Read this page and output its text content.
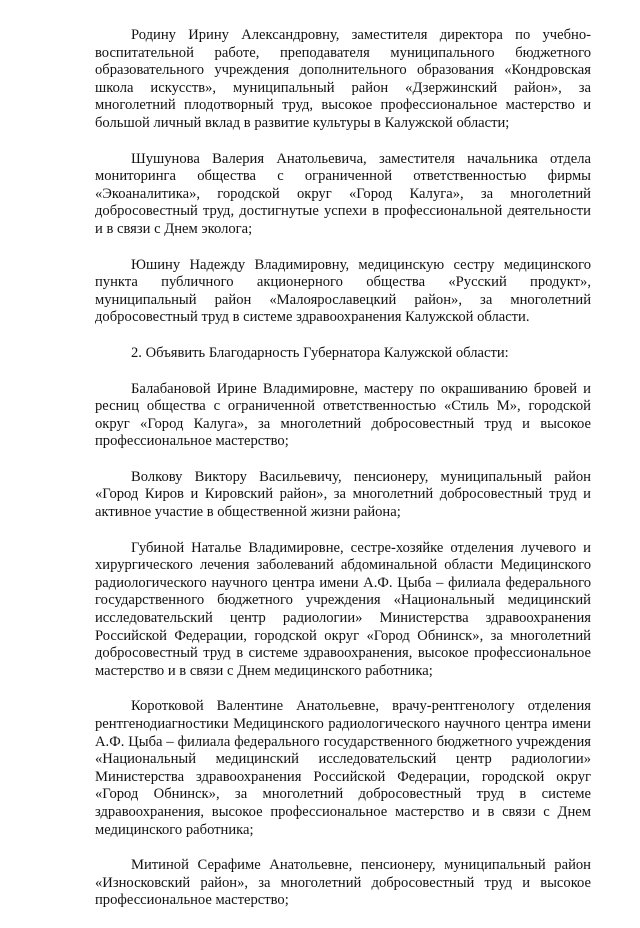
Родину Ирину Александровну, заместителя директора по учебно-воспитательной работе, преподавателя муниципального бюджетного образовательного учреждения дополнительного образования «Кондровская школа искусств», муниципальный район «Дзержинский район», за многолетний плодотворный труд, высокое профессиональное мастерство и большой личный вклад в развитие культуры в Калужской области;

Шушунова Валерия Анатольевича, заместителя начальника отдела мониторинга общества с ограниченной ответственностью фирмы «Экоаналитика», городской округ «Город Калуга», за многолетний добросовестный труд, достигнутые успехи в профессиональной деятельности и в связи с Днем эколога;

Юшину Надежду Владимировну, медицинскую сестру медицинского пункта публичного акционерного общества «Русский продукт», муниципальный район «Малоярославецкий район», за многолетний добросовестный труд в системе здравоохранения Калужской области.

2. Объявить Благодарность Губернатора Калужской области:

Балабановой Ирине Владимировне, мастеру по окрашиванию бровей и ресниц общества с ограниченной ответственностью «Стиль М», городской округ «Город Калуга», за многолетний добросовестный труд и высокое профессиональное мастерство;

Волкову Виктору Васильевичу, пенсионеру, муниципальный район «Город Киров и Кировский район», за многолетний добросовестный труд и активное участие в общественной жизни района;

Губиной Наталье Владимировне, сестре-хозяйке отделения лучевого и хирургического лечения заболеваний абдоминальной области Медицинского радиологического научного центра имени А.Ф. Цыба – филиала федерального государственного бюджетного учреждения «Национальный медицинский исследовательский центр радиологии» Министерства здравоохранения Российской Федерации, городской округ «Город Обнинск», за многолетний добросовестный труд в системе здравоохранения, высокое профессиональное мастерство и в связи с Днем медицинского работника;

Коротковой Валентине Анатольевне, врачу-рентгенологу отделения рентгенодиагностики Медицинского радиологического научного центра имени А.Ф. Цыба – филиала федерального государственного бюджетного учреждения «Национальный медицинский исследовательский центр радиологии» Министерства здравоохранения Российской Федерации, городской округ «Город Обнинск», за многолетний добросовестный труд в системе здравоохранения, высокое профессиональное мастерство и в связи с Днем медицинского работника;

Митиной Серафиме Анатольевне, пенсионеру, муниципальный район «Износковский район», за многолетний добросовестный труд и высокое профессиональное мастерство;
